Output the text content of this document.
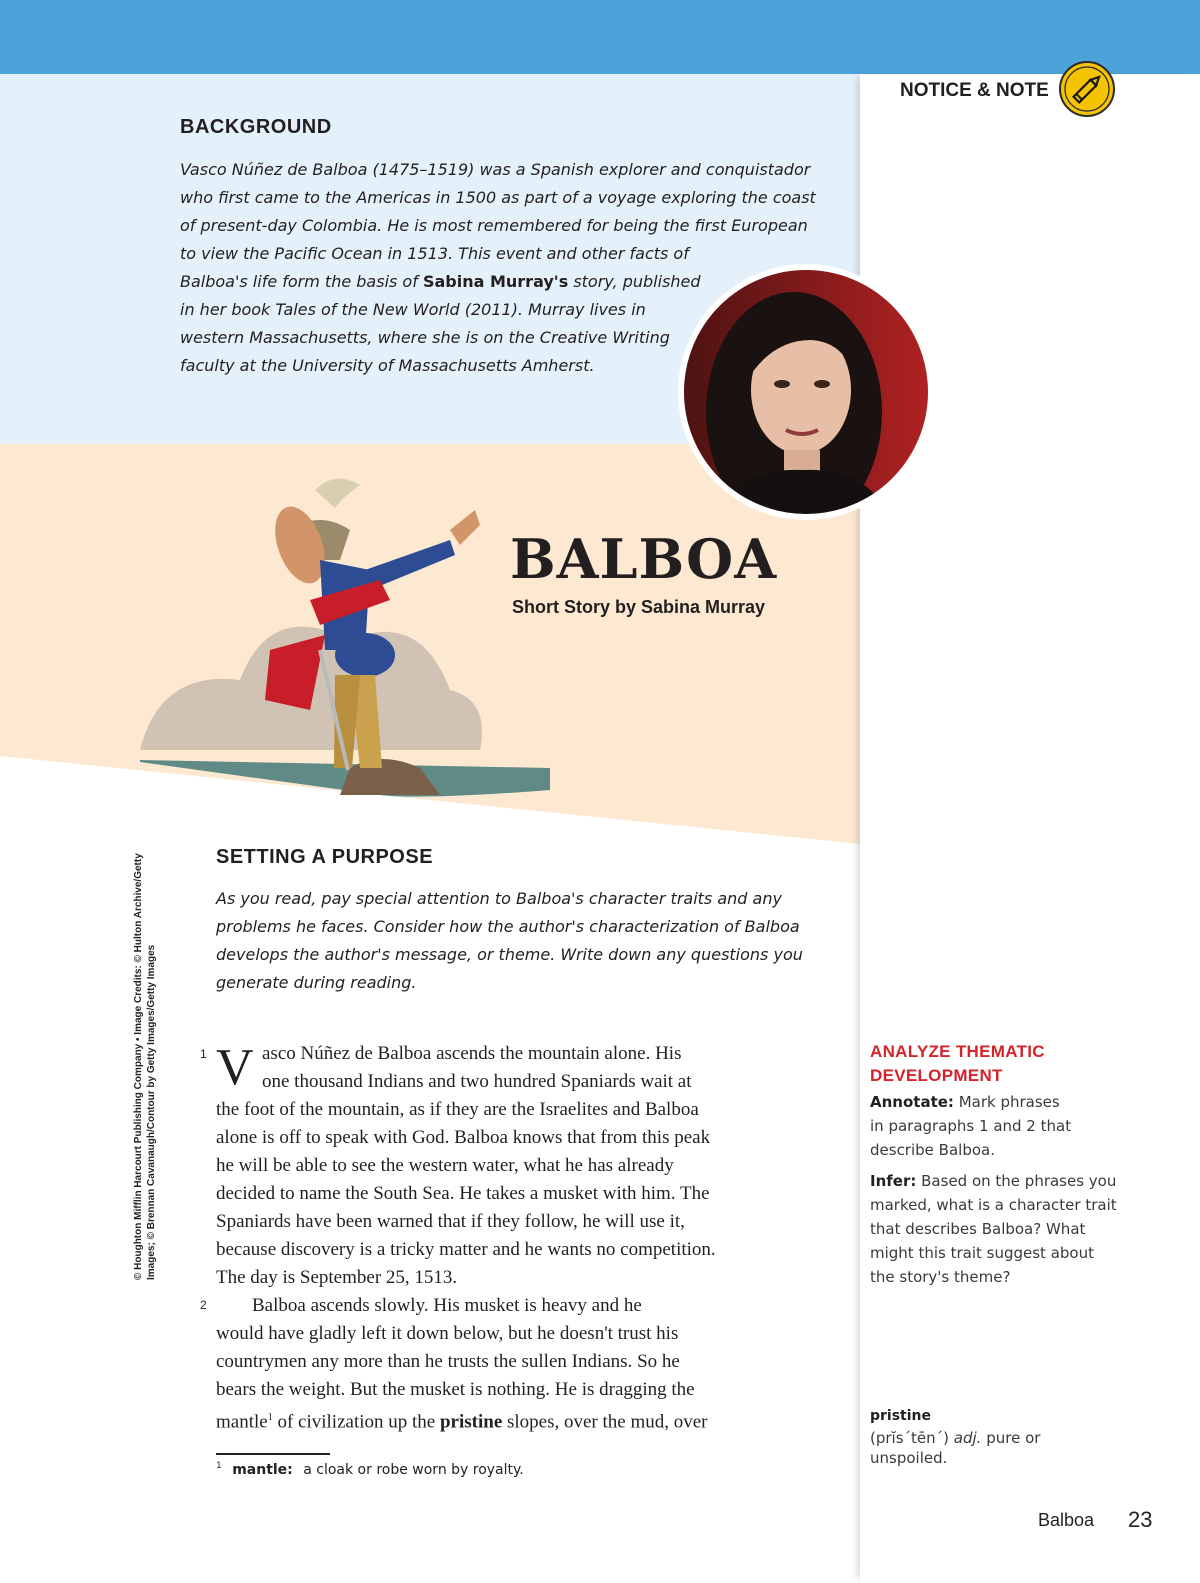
NOTICE & NOTE
BACKGROUND
Vasco Núñez de Balboa (1475–1519) was a Spanish explorer and conquistador
who first came to the Americas in 1500 as part of a voyage exploring the coast
of present-day Colombia. He is most remembered for being the first European
to view the Pacific Ocean in 1513. This event and other facts of
Balboa's life form the basis of Sabina Murray's story, published
in her book Tales of the New World (2011). Murray lives in
western Massachusetts, where she is on the Creative Writing
faculty at the University of Massachusetts Amherst.
BALBOA
Short Story by Sabina Murray
SETTING A PURPOSE
As you read, pay special attention to Balboa's character traits and any
problems he faces. Consider how the author's characterization of Balboa
develops the author's message, or theme. Write down any questions you
generate during reading.
1 V asco Núñez de Balboa ascends the mountain alone. His
one thousand Indians and two hundred Spaniards wait at
the foot of the mountain, as if they are the Israelites and Balboa
alone is off to speak with God. Balboa knows that from this peak
he will be able to see the western water, what he has already
decided to name the South Sea. He takes a musket with him. The
Spaniards have been warned that if they follow, he will use it,
because discovery is a tricky matter and he wants no competition.
The day is September 25, 1513.
2	Balboa ascends slowly. His musket is heavy and he
would have gladly left it down below, but he doesn't trust his
countrymen any more than he trusts the sullen Indians. So he
bears the weight. But the musket is nothing. He is dragging the
mantle$^1$ of civilization up the pristine slopes, over the mud, over
$^1$ mantle: a cloak or robe worn by royalty.
© Houghton Mifflin Harcourt Publishing Company • Image Credits: © Hulton Archive/Getty Images; © Brennan Cavanaugh/Contour by Getty Images/Getty Images	ANALYZE THEMATIC
DEVELOPMENT
Annotate: Mark phrases
in paragraphs 1 and 2 that
describe Balboa.
Infer: Based on the phrases you
marked, what is a character trait
that describes Balboa? What
might this trait suggest about
the story's theme?
pristine
(prĭs´tēn´) adj. pure or unspoiled.
Balboa 23
